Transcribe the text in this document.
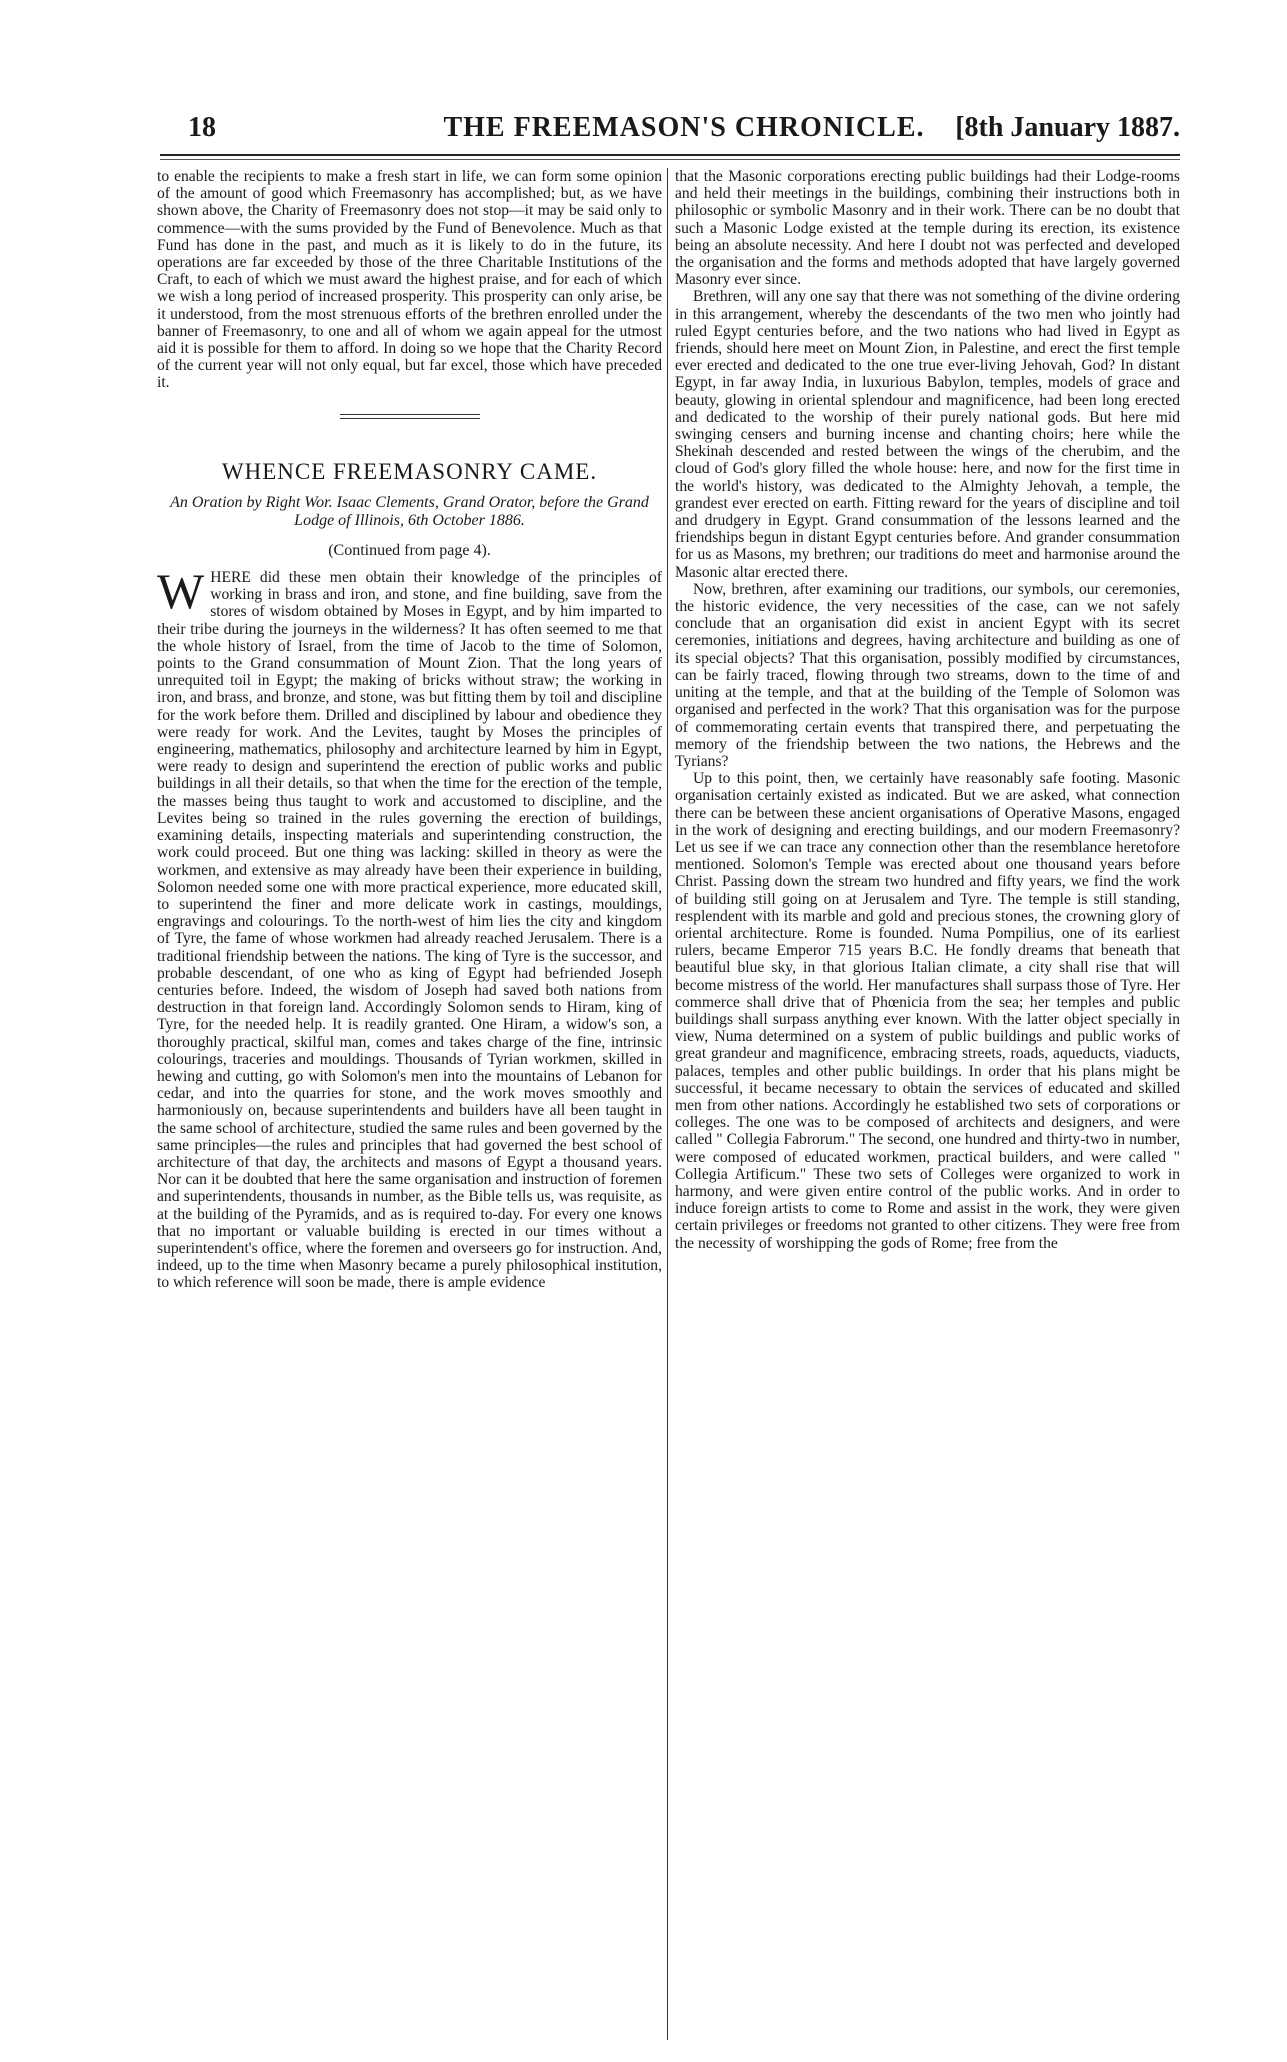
18	THE FREEMASON'S CHRONICLE.	[8th January 1887.

to enable the recipients to make a fresh start in life, we can form some opinion of the amount of good which Freemasonry has accomplished; but, as we have shown above, the Charity of Freemasonry does not stop—it may be said only to commence—with the sums provided by the Fund of Benevolence. Much as that Fund has done in the past, and much as it is likely to do in the future, its operations are far exceeded by those of the three Charitable Institutions of the Craft, to each of which we must award the highest praise, and for each of which we wish a long period of increased prosperity. This prosperity can only arise, be it understood, from the most strenuous efforts of the brethren enrolled under the banner of Freemasonry, to one and all of whom we again appeal for the utmost aid it is possible for them to afford. In doing so we hope that the Charity Record of the current year will not only equal, but far excel, those which have preceded it.

WHENCE FREEMASONRY CAME.
An Oration by Right Wor. Isaac Clements, Grand Orator, before the Grand Lodge of Illinois, 6th October 1886.
(Continued from page 4).

WHERE did these men obtain their knowledge of the principles of working in brass and iron, and stone, and fine building, save from the stores of wisdom obtained by Moses in Egypt, and by him imparted to their tribe during the journeys in the wilderness? It has often seemed to me that the whole history of Israel, from the time of Jacob to the time of Solomon, points to the Grand consummation of Mount Zion. That the long years of unrequited toil in Egypt; the making of bricks without straw; the working in iron, and brass, and bronze, and stone, was but fitting them by toil and discipline for the work before them. Drilled and disciplined by labour and obedience they were ready for work. And the Levites, taught by Moses the principles of engineering, mathematics, philosophy and architecture learned by him in Egypt, were ready to design and superintend the erection of public works and public buildings in all their details, so that when the time for the erection of the temple, the masses being thus taught to work and accustomed to discipline, and the Levites being so trained in the rules governing the erection of buildings, examining details, inspecting materials and superintending construction, the work could proceed. But one thing was lacking: skilled in theory as were the workmen, and extensive as may already have been their experience in building, Solomon needed some one with more practical experience, more educated skill, to superintend the finer and more delicate work in castings, mouldings, engravings and colourings. To the north-west of him lies the city and kingdom of Tyre, the fame of whose workmen had already reached Jerusalem. There is a traditional friendship between the nations. The king of Tyre is the successor, and probable descendant, of one who as king of Egypt had befriended Joseph centuries before. Indeed, the wisdom of Joseph had saved both nations from destruction in that foreign land. Accordingly Solomon sends to Hiram, king of Tyre, for the needed help. It is readily granted. One Hiram, a widow's son, a thoroughly practical, skilful man, comes and takes charge of the fine, intrinsic colourings, traceries and mouldings. Thousands of Tyrian workmen, skilled in hewing and cutting, go with Solomon's men into the mountains of Lebanon for cedar, and into the quarries for stone, and the work moves smoothly and harmoniously on, because superintendents and builders have all been taught in the same school of architecture, studied the same rules and been governed by the same principles—the rules and principles that had governed the best school of architecture of that day, the architects and masons of Egypt a thousand years. Nor can it be doubted that here the same organisation and instruction of foremen and superintendents, thousands in number, as the Bible tells us, was requisite, as at the building of the Pyramids, and as is required to-day. For every one knows that no important or valuable building is erected in our times without a superintendent's office, where the foremen and overseers go for instruction. And, indeed, up to the time when Masonry became a purely philosophical institution, to which reference will soon be made, there is ample evidence

that the Masonic corporations erecting public buildings had their Lodge-rooms and held their meetings in the buildings, combining their instructions both in philosophic or symbolic Masonry and in their work. There can be no doubt that such a Masonic Lodge existed at the temple during its erection, its existence being an absolute necessity. And here I doubt not was perfected and developed the organisation and the forms and methods adopted that have largely governed Masonry ever since.

Brethren, will any one say that there was not something of the divine ordering in this arrangement, whereby the descendants of the two men who jointly had ruled Egypt centuries before, and the two nations who had lived in Egypt as friends, should here meet on Mount Zion, in Palestine, and erect the first temple ever erected and dedicated to the one true ever-living Jehovah, God? In distant Egypt, in far away India, in luxurious Babylon, temples, models of grace and beauty, glowing in oriental splendour and magnificence, had been long erected and dedicated to the worship of their purely national gods. But here mid swinging censers and burning incense and chanting choirs; here while the Shekinah descended and rested between the wings of the cherubim, and the cloud of God's glory filled the whole house: here, and now for the first time in the world's history, was dedicated to the Almighty Jehovah, a temple, the grandest ever erected on earth. Fitting reward for the years of discipline and toil and drudgery in Egypt. Grand consummation of the lessons learned and the friendships begun in distant Egypt centuries before. And grander consummation for us as Masons, my brethren; our traditions do meet and harmonise around the Masonic altar erected there.

Now, brethren, after examining our traditions, our symbols, our ceremonies, the historic evidence, the very necessities of the case, can we not safely conclude that an organisation did exist in ancient Egypt with its secret ceremonies, initiations and degrees, having architecture and building as one of its special objects? That this organisation, possibly modified by circumstances, can be fairly traced, flowing through two streams, down to the time of and uniting at the temple, and that at the building of the Temple of Solomon was organised and perfected in the work? That this organisation was for the purpose of commemorating certain events that transpired there, and perpetuating the memory of the friendship between the two nations, the Hebrews and the Tyrians?

Up to this point, then, we certainly have reasonably safe footing. Masonic organisation certainly existed as indicated. But we are asked, what connection there can be between these ancient organisations of Operative Masons, engaged in the work of designing and erecting buildings, and our modern Freemasonry? Let us see if we can trace any connection other than the resemblance heretofore mentioned. Solomon's Temple was erected about one thousand years before Christ. Passing down the stream two hundred and fifty years, we find the work of building still going on at Jerusalem and Tyre. The temple is still standing, resplendent with its marble and gold and precious stones, the crowning glory of oriental architecture. Rome is founded. Numa Pompilius, one of its earliest rulers, became Emperor 715 years B.C. He fondly dreams that beneath that beautiful blue sky, in that glorious Italian climate, a city shall rise that will become mistress of the world. Her manufactures shall surpass those of Tyre. Her commerce shall drive that of Phœnicia from the sea; her temples and public buildings shall surpass anything ever known. With the latter object specially in view, Numa determined on a system of public buildings and public works of great grandeur and magnificence, embracing streets, roads, aqueducts, viaducts, palaces, temples and other public buildings. In order that his plans might be successful, it became necessary to obtain the services of educated and skilled men from other nations. Accordingly he established two sets of corporations or colleges. The one was to be composed of architects and designers, and were called " Collegia Fabrorum." The second, one hundred and thirty-two in number, were composed of educated workmen, practical builders, and were called " Collegia Artificum." These two sets of Colleges were organized to work in harmony, and were given entire control of the public works. And in order to induce foreign artists to come to Rome and assist in the work, they were given certain privileges or freedoms not granted to other citizens. They were free from the necessity of worshipping the gods of Rome; free from the
